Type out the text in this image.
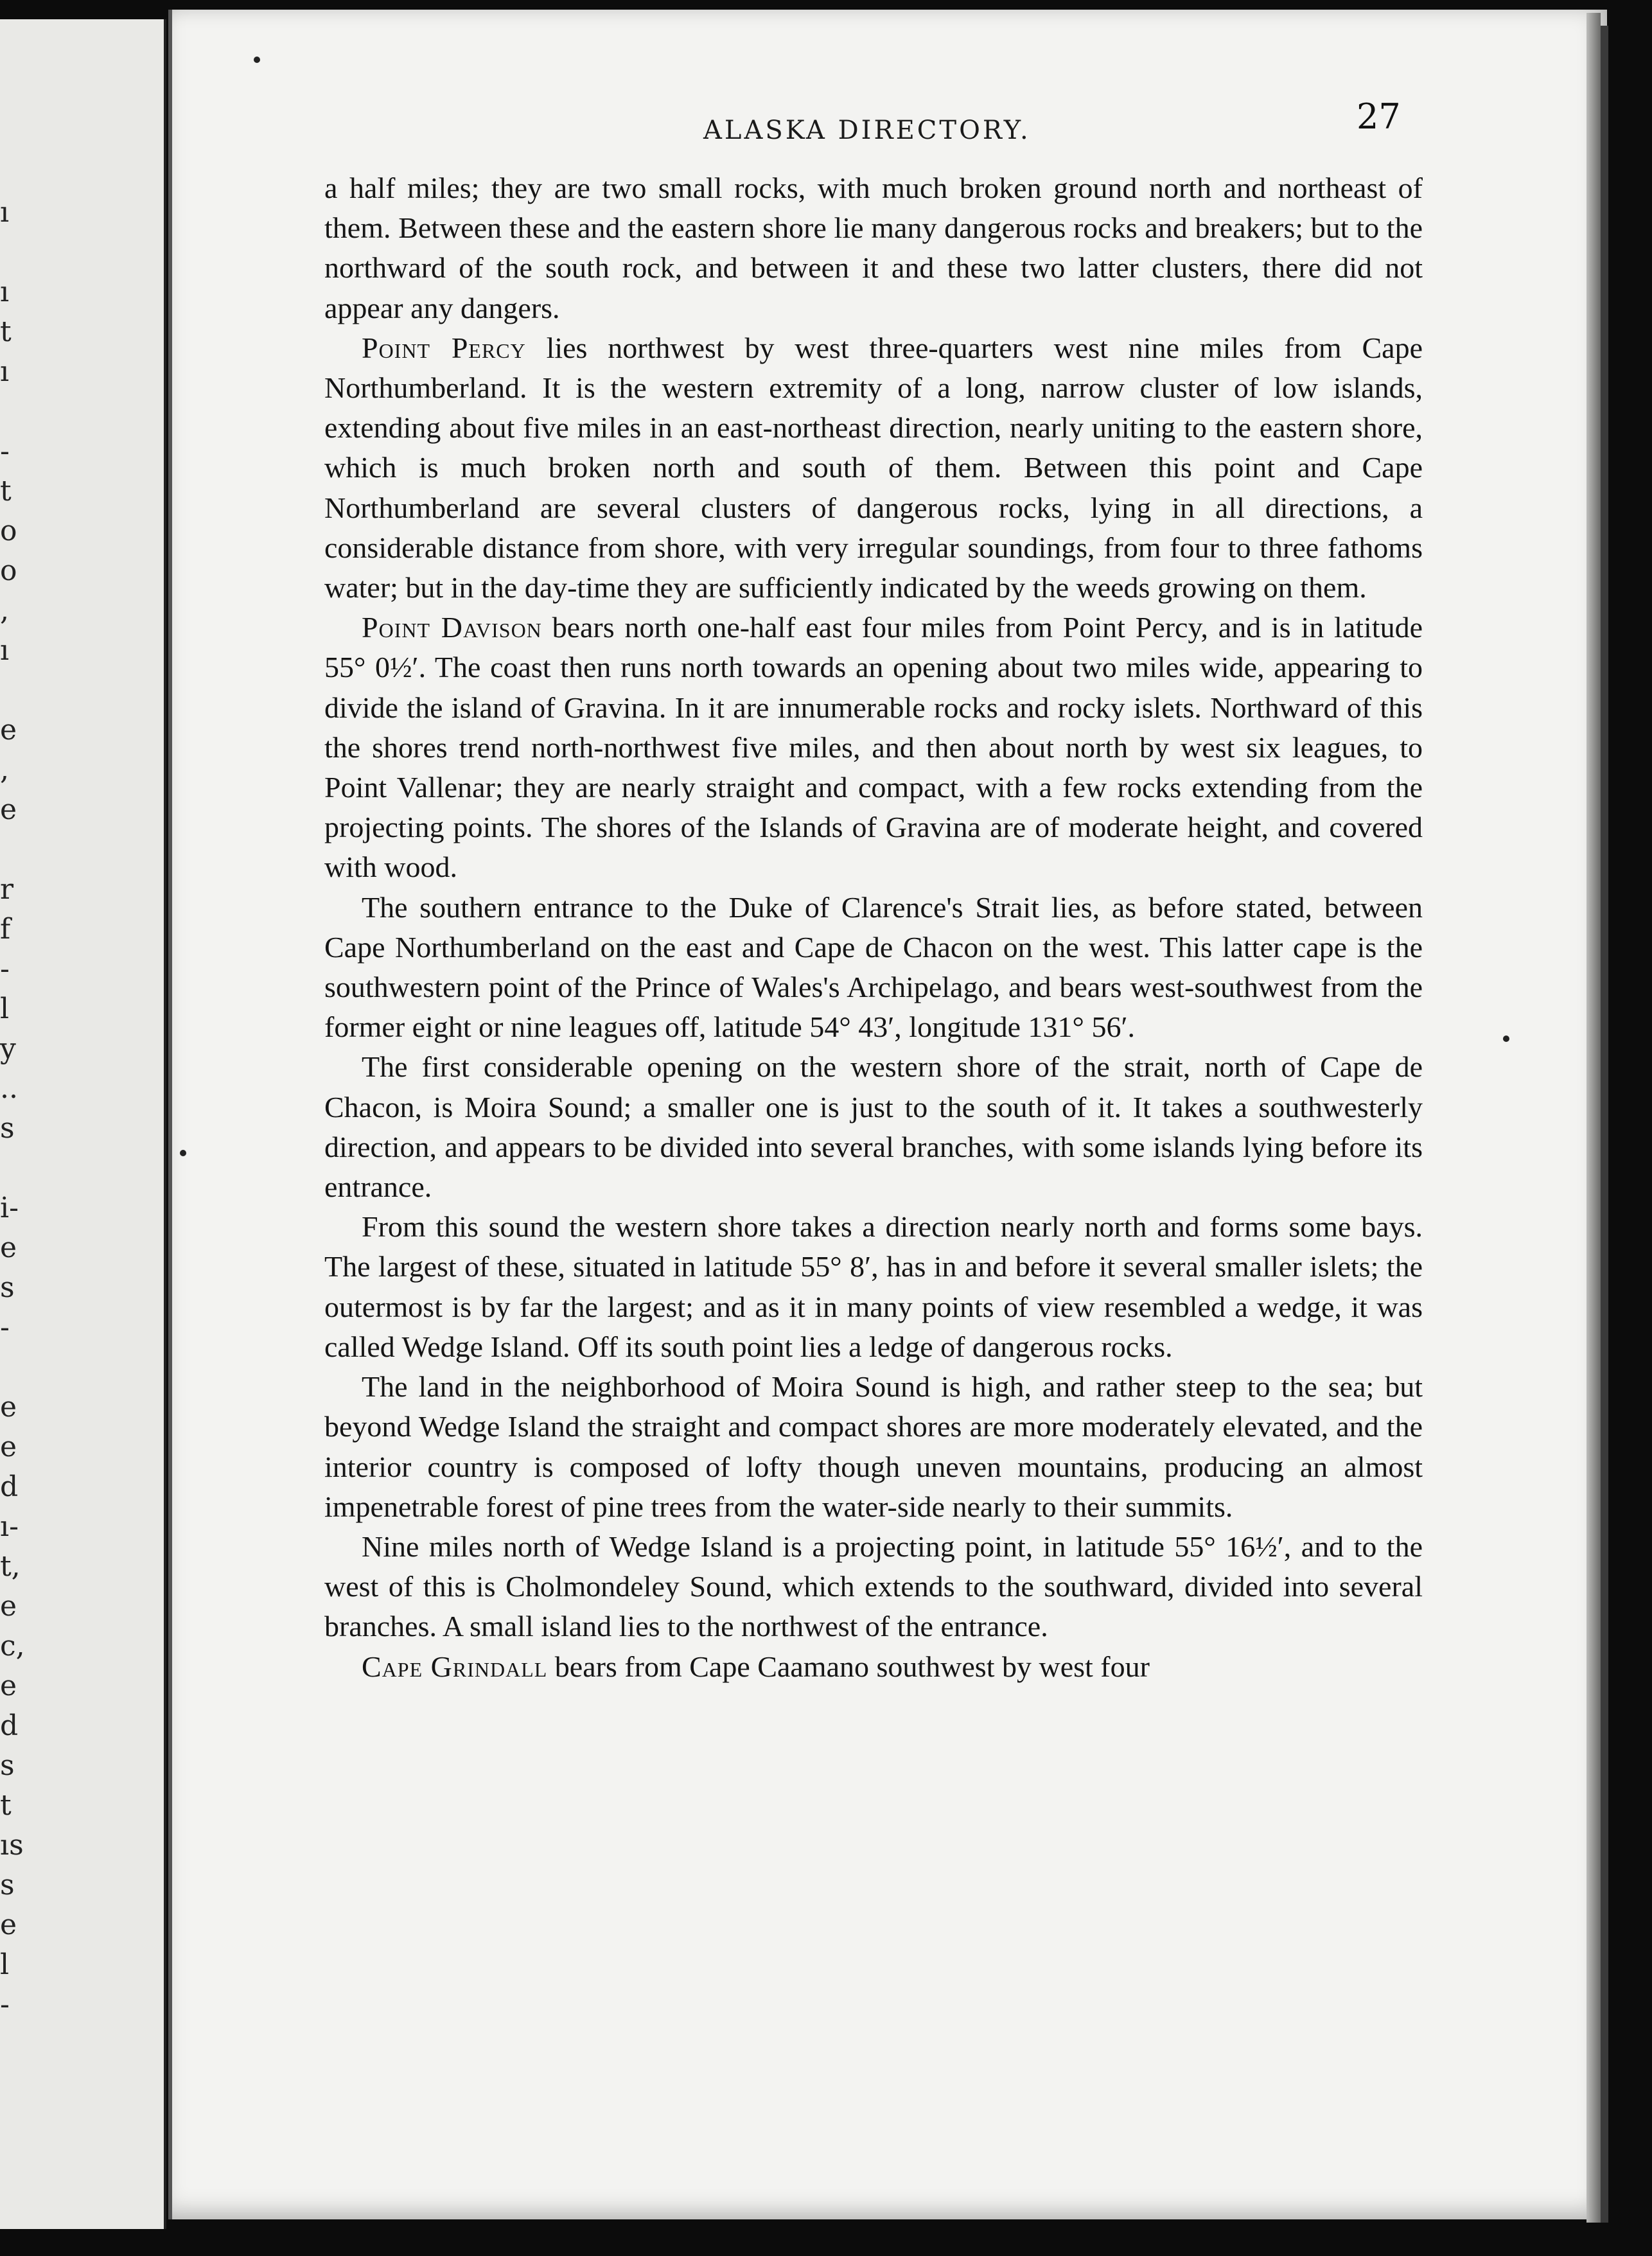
ı
ı
t
ı
-
t
o
o
,
ı
e
,
e
r
f
-
l
y
..
s
i-
e
s
-
e
e
d
ı-
t,
e
c,
e
d
s
t
ıs
s
e
l
-
ALASKA DIRECTORY.	27

a half miles; they are two small rocks, with much broken ground north and northeast of them. Between these and the eastern shore lie many dangerous rocks and breakers; but to the northward of the south rock, and between it and these two latter clusters, there did not appear any dangers.

Point Percy lies northwest by west three-quarters west nine miles from Cape Northumberland. It is the western extremity of a long, narrow cluster of low islands, extending about five miles in an east-northeast direction, nearly uniting to the eastern shore, which is much broken north and south of them. Between this point and Cape Northumberland are several clusters of dangerous rocks, lying in all directions, a considerable distance from shore, with very irregular soundings, from four to three fathoms water; but in the day-time they are sufficiently indicated by the weeds growing on them.

Point Davison bears north one-half east four miles from Point Percy, and is in latitude 55° 0½′. The coast then runs north towards an opening about two miles wide, appearing to divide the island of Gravina. In it are innumerable rocks and rocky islets. Northward of this the shores trend north-northwest five miles, and then about north by west six leagues, to Point Vallenar; they are nearly straight and compact, with a few rocks extending from the projecting points. The shores of the Islands of Gravina are of moderate height, and covered with wood.

The southern entrance to the Duke of Clarence's Strait lies, as before stated, between Cape Northumberland on the east and Cape de Chacon on the west. This latter cape is the southwestern point of the Prince of Wales's Archipelago, and bears west-southwest from the former eight or nine leagues off, latitude 54° 43′, longitude 131° 56′.

The first considerable opening on the western shore of the strait, north of Cape de Chacon, is Moira Sound; a smaller one is just to the south of it. It takes a southwesterly direction, and appears to be divided into several branches, with some islands lying before its entrance.

From this sound the western shore takes a direction nearly north and forms some bays. The largest of these, situated in latitude 55° 8′, has in and before it several smaller islets; the outermost is by far the largest; and as it in many points of view resembled a wedge, it was called Wedge Island. Off its south point lies a ledge of dangerous rocks.

The land in the neighborhood of Moira Sound is high, and rather steep to the sea; but beyond Wedge Island the straight and compact shores are more moderately elevated, and the interior country is composed of lofty though uneven mountains, producing an almost impenetrable forest of pine trees from the water-side nearly to their summits.

Nine miles north of Wedge Island is a projecting point, in latitude 55° 16½′, and to the west of this is Cholmondeley Sound, which extends to the southward, divided into several branches. A small island lies to the northwest of the entrance.

Cape Grindall bears from Cape Caamano southwest by west four
